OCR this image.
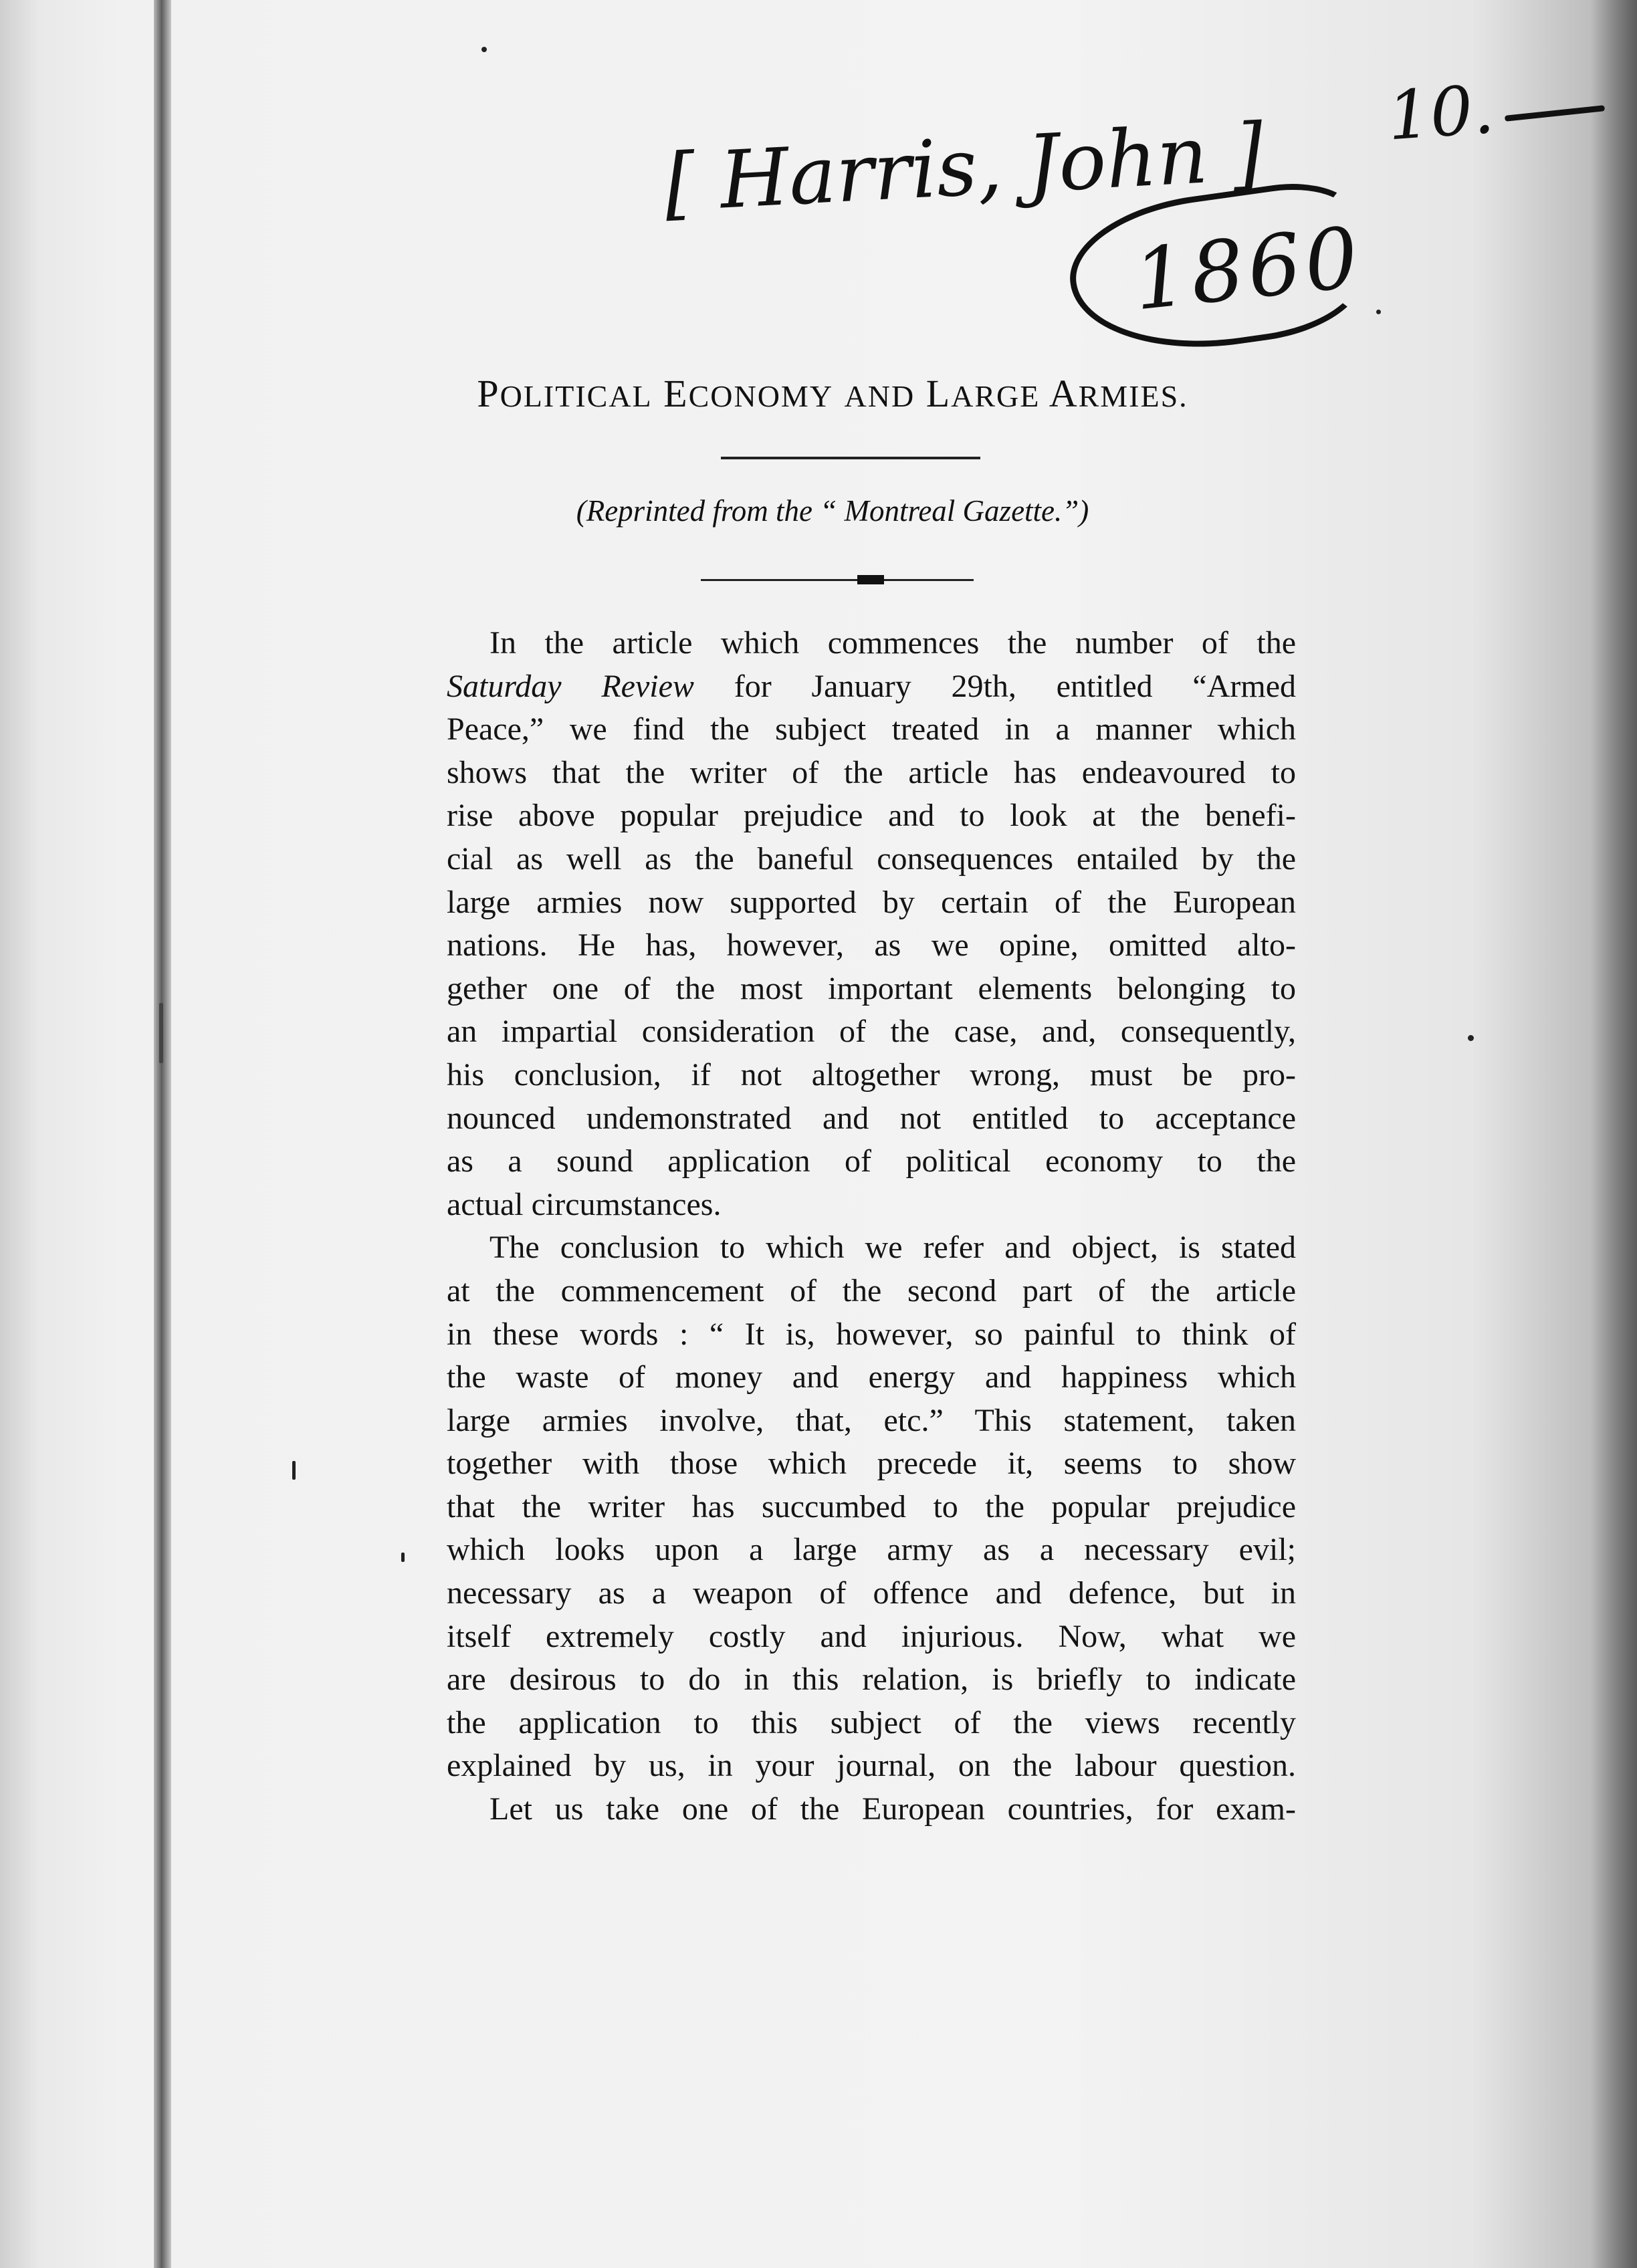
[ Harris, John ] 10.
1860
POLITICAL ECONOMY AND LARGE ARMIES.
(Reprinted from the “ Montreal Gazette.”)
In the article which commences the number of the
Saturday Review for January 29th, entitled “Armed
Peace,” we find the subject treated in a manner which
shows that the writer of the article has endeavoured to
rise above popular prejudice and to look at the benefi-
cial as well as the baneful consequences entailed by the
large armies now supported by certain of the European
nations. He has, however, as we opine, omitted alto-
gether one of the most important elements belonging to
an impartial consideration of the case, and, consequently,
his conclusion, if not altogether wrong, must be pro-
nounced undemonstrated and not entitled to acceptance
as a sound application of political economy to the
actual circumstances.
The conclusion to which we refer and object, is stated
at the commencement of the second part of the article
in these words : “ It is, however, so painful to think of
the waste of money and energy and happiness which
large armies involve, that, etc.” This statement, taken
together with those which precede it, seems to show
that the writer has succumbed to the popular prejudice
which looks upon a large army as a necessary evil;
necessary as a weapon of offence and defence, but in
itself extremely costly and injurious. Now, what we
are desirous to do in this relation, is briefly to indicate
the application to this subject of the views recently
explained by us, in your journal, on the labour question.
Let us take one of the European countries, for exam-
